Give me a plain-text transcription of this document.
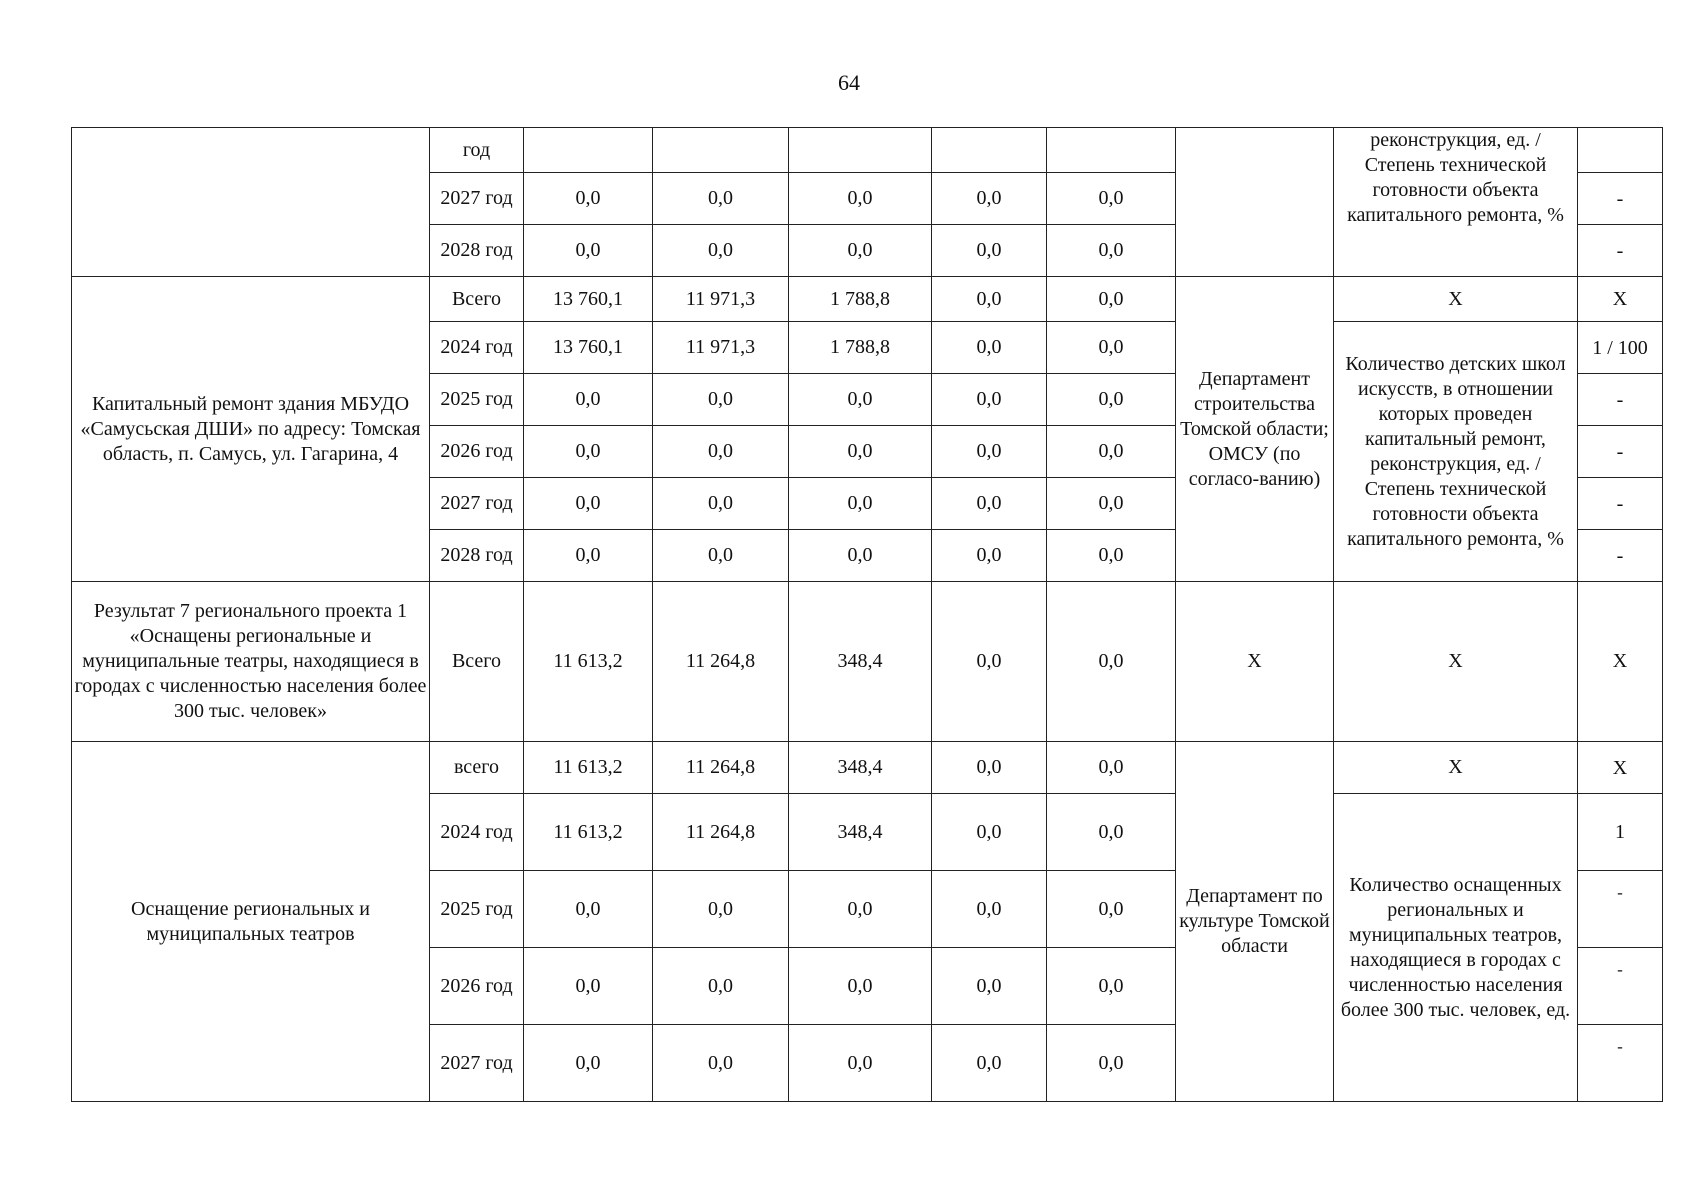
64
	год							реконструкция, ед. / Степень технической готовности объекта капитального ремонта, %	
	2027 год	0,0	0,0	0,0	0,0	0,0			-
	2028 год	0,0	0,0	0,0	0,0	0,0			-
Капитальный ремонт здания МБУДО «Самусьская ДШИ» по адресу: Томская область, п. Самусь, ул. Гагарина, 4	Всего	13 760,1	11 971,3	1 788,8	0,0	0,0	Департамент строительства Томской области; ОМСУ (по согласо-ванию)	Х	Х
	2024 год	13 760,1	11 971,3	1 788,8	0,0	0,0		Количество детских школ искусств, в отношении которых проведен капитальный ремонт, реконструкция, ед. / Степень технической готовности объекта капитального ремонта, %	1 / 100
	2025 год	0,0	0,0	0,0	0,0	0,0			-
	2026 год	0,0	0,0	0,0	0,0	0,0			-
	2027 год	0,0	0,0	0,0	0,0	0,0			-
	2028 год	0,0	0,0	0,0	0,0	0,0			-
Результат 7 регионального проекта 1 «Оснащены региональные и муниципальные театры, находящиеся в городах с численностью населения более 300 тыс. человек»	Всего	11 613,2	11 264,8	348,4	0,0	0,0	Х	Х	Х
Оснащение региональных и муниципальных театров	всего	11 613,2	11 264,8	348,4	0,0	0,0	Департамент по культуре Томской области	Х	Х
	2024 год	11 613,2	11 264,8	348,4	0,0	0,0		Количество оснащенных региональных и муниципальных театров, находящиеся в городах с численностью населения более 300 тыс. человек, ед.	1
	2025 год	0,0	0,0	0,0	0,0	0,0			-
	2026 год	0,0	0,0	0,0	0,0	0,0			-
	2027 год	0,0	0,0	0,0	0,0	0,0			-
